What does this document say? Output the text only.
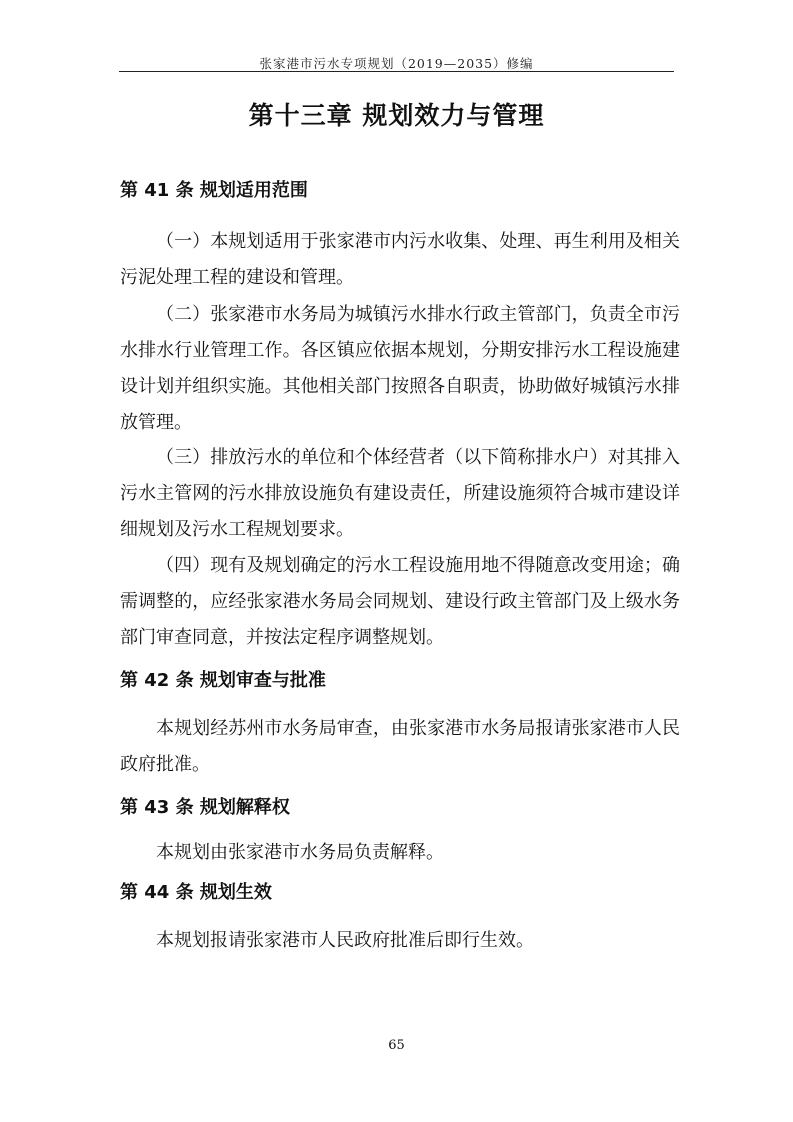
张家港市污水专项规划（2019—2035）修编
第十三章 规划效力与管理
第 41 条 规划适用范围

（一）本规划适用于张家港市内污水收集、处理、再生利用及相关污泥处理工程的建设和管理。

（二）张家港市水务局为城镇污水排水行政主管部门，负责全市污水排水行业管理工作。各区镇应依据本规划，分期安排污水工程设施建设计划并组织实施。其他相关部门按照各自职责，协助做好城镇污水排放管理。

（三）排放污水的单位和个体经营者（以下简称排水户）对其排入污水主管网的污水排放设施负有建设责任，所建设施须符合城市建设详细规划及污水工程规划要求。

（四）现有及规划确定的污水工程设施用地不得随意改变用途；确需调整的，应经张家港水务局会同规划、建设行政主管部门及上级水务部门审查同意，并按法定程序调整规划。

第 42 条 规划审查与批准

本规划经苏州市水务局审查，由张家港市水务局报请张家港市人民政府批准。

第 43 条 规划解释权

本规划由张家港市水务局负责解释。

第 44 条 规划生效

本规划报请张家港市人民政府批准后即行生效。

65
